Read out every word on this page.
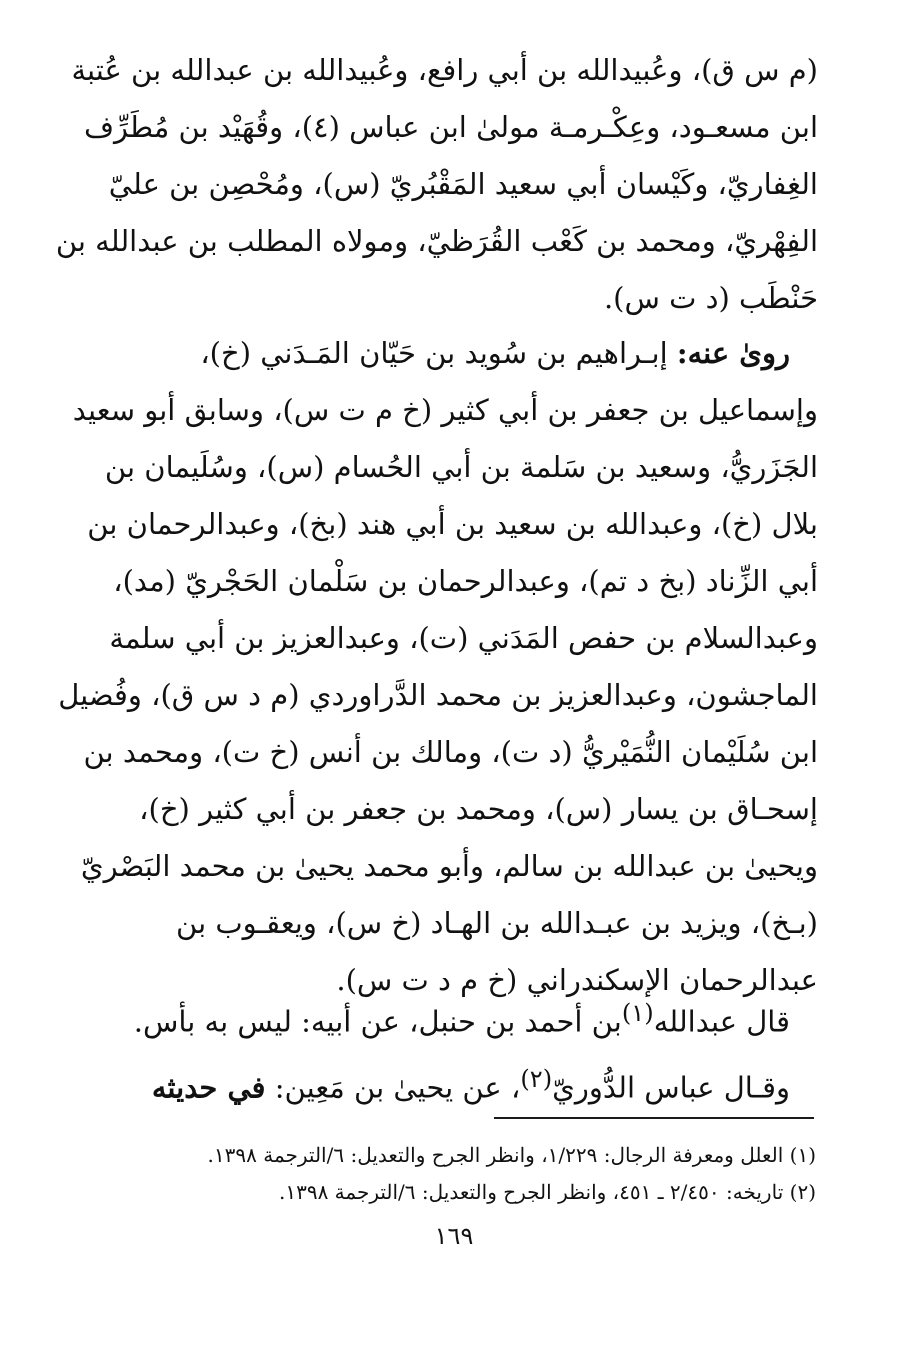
(م س ق)، وعُبيدالله بن أبي رافع، وعُبيدالله بن عبدالله بن عُتبة
ابن مسعـود، وعِكْـرمـة مولىٰ ابن عباس (٤)، وقُهَيْد بن مُطَرِّف
الغِفاريّ، وكَيْسان أبي سعيد المَقْبُريّ (س)، ومُحْصِن بن عليّ
الفِهْريّ، ومحمد بن كَعْب القُرَظيّ، ومولاه المطلب بن عبدالله بن
حَنْطَب (د ت س).
روىٰ عنه: إبـراهيم بن سُويد بن حَيّان المَـدَني (خ)،
وإسماعيل بن جعفر بن أبي كثير (خ م ت س)، وسابق أبو سعيد
الجَزَريُّ، وسعيد بن سَلمة بن أبي الحُسام (س)، وسُلَيمان بن
بلال (خ)، وعبدالله بن سعيد بن أبي هند (بخ)، وعبدالرحمان بن
أبي الزِّناد (بخ د تم)، وعبدالرحمان بن سَلْمان الحَجْريّ (مد)،
وعبدالسلام بن حفص المَدَني (ت)، وعبدالعزيز بن أبي سلمة
الماجشون، وعبدالعزيز بن محمد الدَّراوردي (م د س ق)، وفُضيل
ابن سُلَيْمان النُّمَيْريُّ (د ت)، ومالك بن أنس (خ ت)، ومحمد بن
إسحـاق بن يسار (س)، ومحمد بن جعفر بن أبي كثير (خ)،
ويحيىٰ بن عبدالله بن سالم، وأبو محمد يحيىٰ بن محمد البَصْريّ
(بـخ)، ويزيد بن عبـدالله بن الهـاد (خ س)، ويعقـوب بن
عبدالرحمان الإسكندراني (خ م د ت س).
قال عبدالله$^{(١)}$بن أحمد بن حنبل، عن أبيه: ليس به بأس.
وقـال عباس الدُّوريّ$^{(٢)}$، عن يحيىٰ بن مَعِين: في حديثه
(١) العلل ومعرفة الرجال: ١/٢٢٩، وانظر الجرح والتعديل: ٦/الترجمة ١٣٩٨.
(٢) تاريخه: ٢/٤٥٠ ـ ٤٥١، وانظر الجرح والتعديل: ٦/الترجمة ١٣٩٨.
١٦٩
